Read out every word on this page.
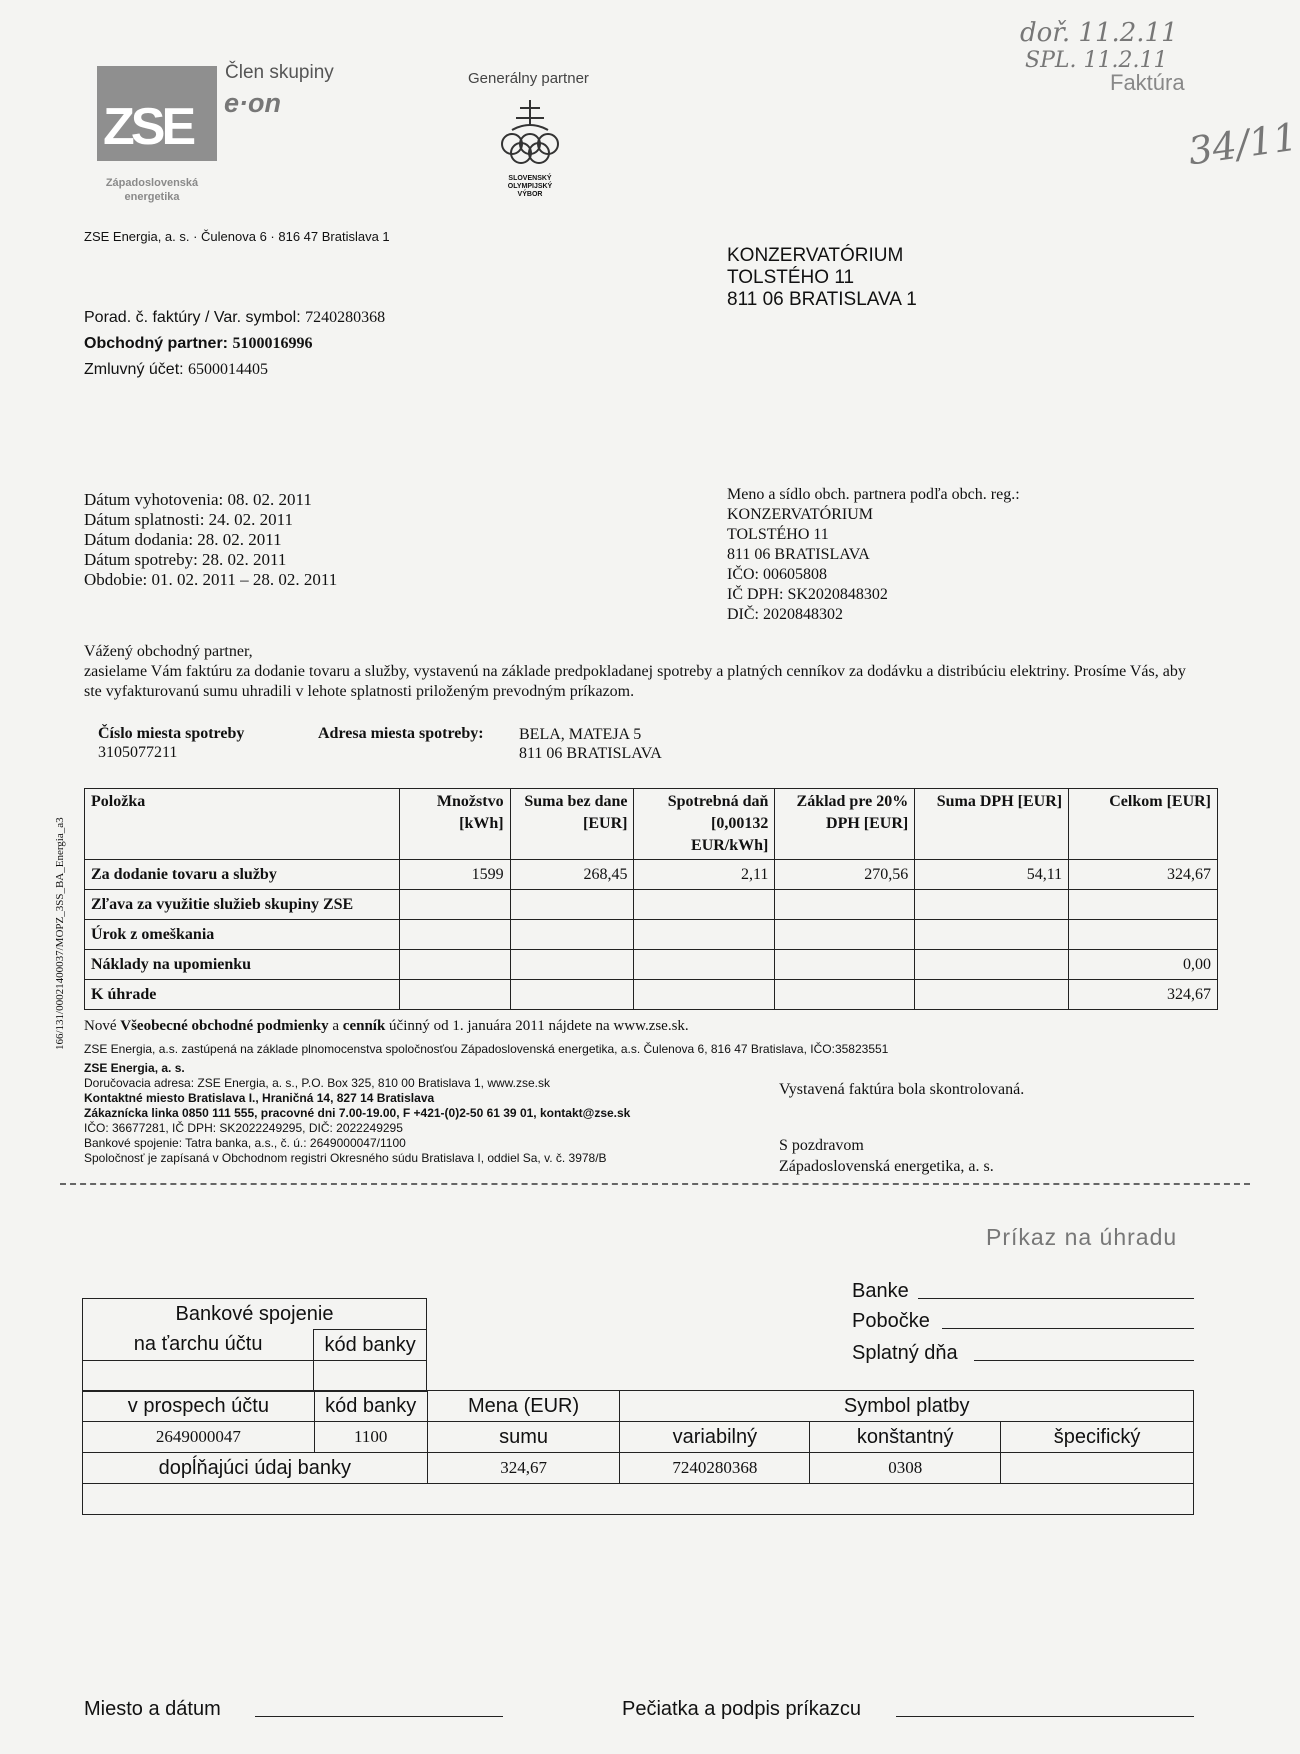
ZSE
Západoslovenská
energetika
Člen skupiny
e·on
Generálny partner
SLOVENSKÝ
OLYMPIJSKÝ
VÝBOR
Faktúra
doř. 11.2.11
SPL. 11.2.11
34/11
ZSE Energia, a. s. · Čulenova 6 · 816 47 Bratislava 1
KONZERVATÓRIUM
TOLSTÉHO 11
811 06 BRATISLAVA 1
Porad. č. faktúry / Var. symbol: 7240280368
Obchodný partner: 5100016996
Zmluvný účet: 6500014405
Dátum vyhotovenia: 08. 02. 2011
Dátum splatnosti: 24. 02. 2011
Dátum dodania: 28. 02. 2011
Dátum spotreby: 28. 02. 2011
Obdobie: 01. 02. 2011 – 28. 02. 2011
Meno a sídlo obch. partnera podľa obch. reg.:
KONZERVATÓRIUM
TOLSTÉHO 11
811 06 BRATISLAVA
IČO: 00605808
IČ DPH: SK2020848302
DIČ: 2020848302
Vážený obchodný partner,
zasielame Vám faktúru za dodanie tovaru a služby, vystavenú na základe predpokladanej spotreby a platných cenníkov za dodávku a distribúciu elektriny. Prosíme Vás, aby ste vyfakturovanú sumu uhradili v lehote splatnosti priloženým prevodným príkazom.
Číslo miesta spotreby
3105077211
Adresa miesta spotreby: BELA, MATEJA 5
811 06 BRATISLAVA
Položka	Množstvo [kWh]	Suma bez dane [EUR]	Spotrebná daň [0,00132 EUR/kWh]	Základ pre 20% DPH [EUR]	Suma DPH [EUR]	Celkom [EUR]
Za dodanie tovaru a služby	1599	268,45	2,11	270,56	54,11	324,67
Zľava za využitie služieb skupiny ZSE						
Úrok z omeškania						
Náklady na upomienku						0,00
K úhrade						324,67
166/131/00021400037/MOPZ_3SS_BA_Energia_a3 Nové Všeobecné obchodné podmienky a cenník účinný od 1. januára 2011 nájdete na www.zse.sk.
ZSE Energia, a.s. zastúpená na základe plnomocenstva spoločnosťou Západoslovenská energetika, a.s. Čulenova 6, 816 47 Bratislava, IČO:35823551
ZSE Energia, a. s.
Doručovacia adresa: ZSE Energia, a. s., P.O. Box 325, 810 00 Bratislava 1, www.zse.sk
Kontaktné miesto Bratislava I., Hraničná 14, 827 14 Bratislava
Zákaznícka linka 0850 111 555, pracovné dni 7.00-19.00, F +421-(0)2-50 61 39 01, kontakt@zse.sk
IČO: 36677281, IČ DPH: SK2022249295, DIČ: 2022249295
Bankové spojenie: Tatra banka, a.s., č. ú.: 2649000047/1100
Spoločnosť je zapísaná v Obchodnom registri Okresného súdu Bratislava I, oddiel Sa, v. č. 3978/B
Vystavená faktúra bola skontrolovaná.
S pozdravom
Západoslovenská energetika, a. s.
Príkaz na úhradu
Banke
Pobočke
Splatný dňa
Bankové spojenie	
na ťarchu účtu	kód banky

v prospech účtu	kód banky	Mena (EUR)	Symbol platby		
2649000047	1100	sumu	variabilný	konštantný	špecifický
dopĺňajúci údaj banky		324,67	7240280368	0308	

Miesto a dátum	Pečiatka a podpis príkazcu
